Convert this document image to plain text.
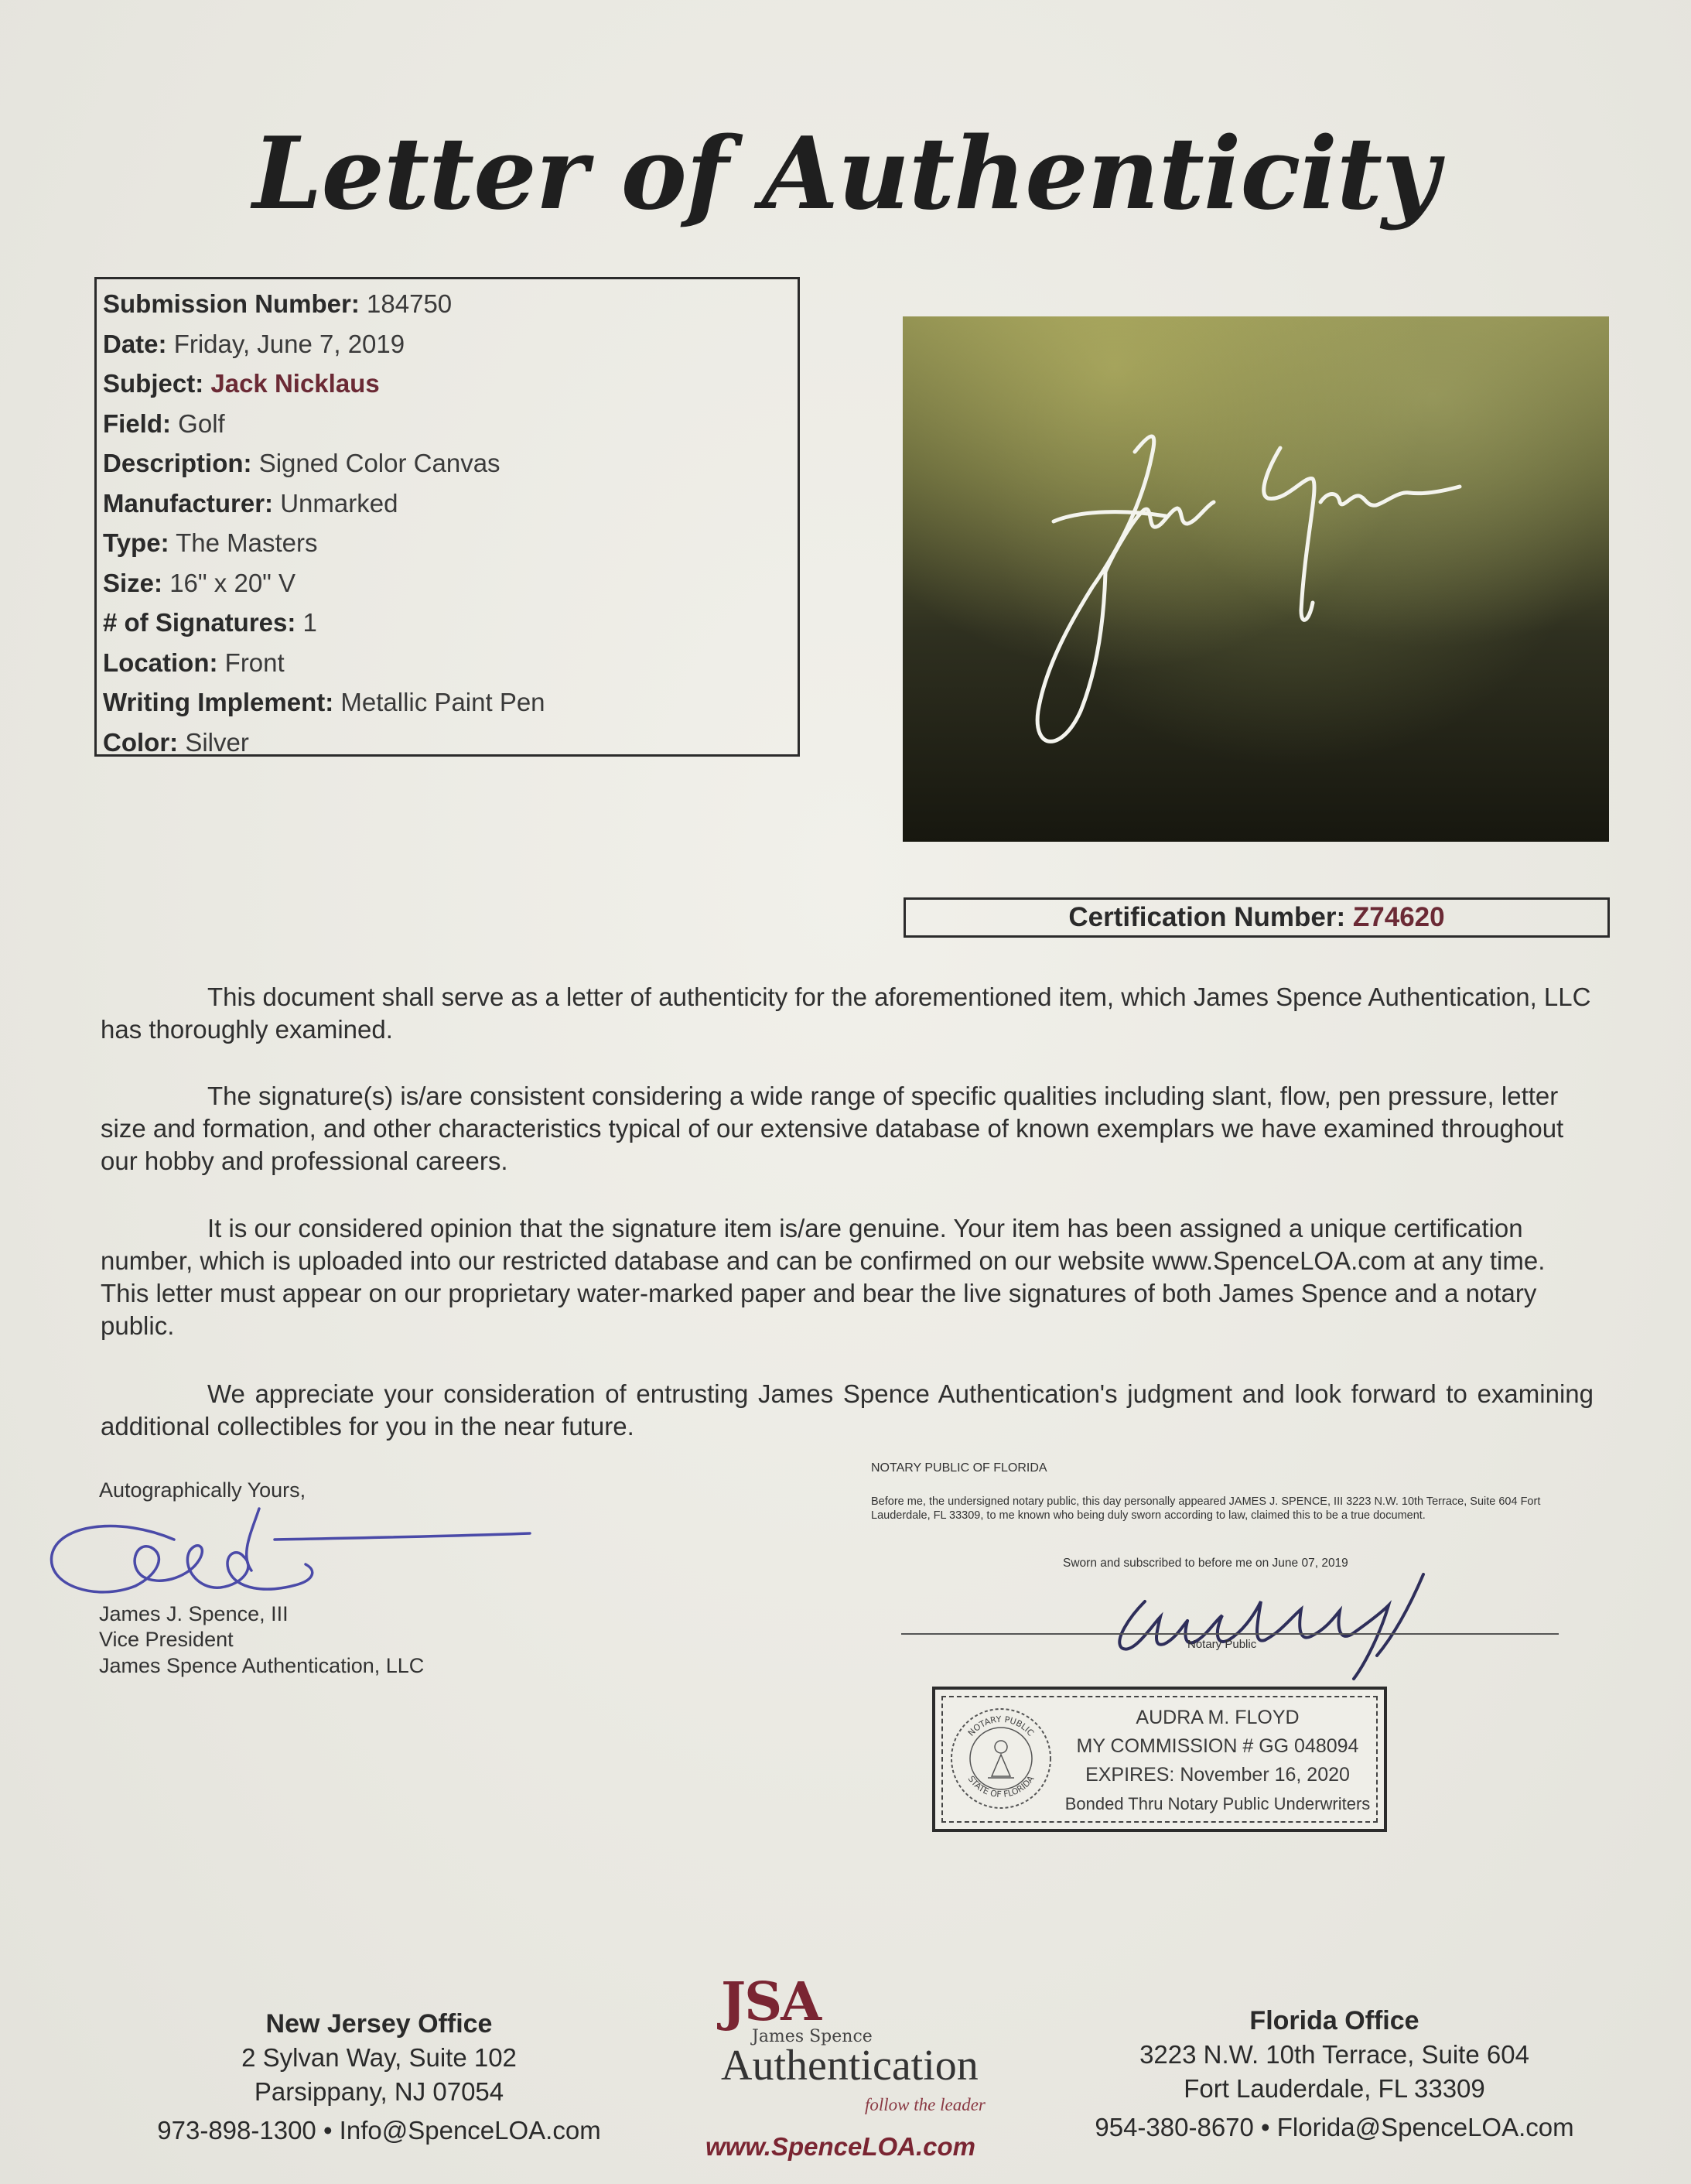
Letter of Authenticity
Submission Number: 184750
Date: Friday, June 7, 2019
Subject: Jack Nicklaus
Field: Golf
Description: Signed Color Canvas
Manufacturer: Unmarked
Type: The Masters
Size: 16" x 20" V
# of Signatures: 1
Location: Front
Writing Implement: Metallic Paint Pen
Color: Silver
Certification Number: Z74620
This document shall serve as a letter of authenticity for the aforementioned item, which James Spence Authentication, LLC has thoroughly examined.
The signature(s) is/are consistent considering a wide range of specific qualities including slant, flow, pen pressure, letter size and formation, and other characteristics typical of our extensive database of known exemplars we have examined throughout our hobby and professional careers.
It is our considered opinion that the signature item is/are genuine. Your item has been assigned a unique certification number, which is uploaded into our restricted database and can be confirmed on our website www.SpenceLOA.com at any time. This letter must appear on our proprietary water-marked paper and bear the live signatures of both James Spence and a notary public.
We appreciate your consideration of entrusting James Spence Authentication's judgment and look forward to examining additional collectibles for you in the near future.
Autographically Yours,
James J. Spence, III
Vice President
James Spence Authentication, LLC
NOTARY PUBLIC OF FLORIDA
Before me, the undersigned notary public, this day personally appeared JAMES J. SPENCE, III 3223 N.W. 10th Terrace, Suite 604 Fort Lauderdale, FL 33309, to me known who being duly sworn according to law, claimed this to be a true document.
Sworn and subscribed to before me on June 07, 2019
Notary Public
NOTARY PUBLIC
STATE OF FLORIDA
AUDRA M. FLOYD
MY COMMISSION # GG 048094
EXPIRES: November 16, 2020
Bonded Thru Notary Public Underwriters
New Jersey Office
2 Sylvan Way, Suite 102
Parsippany, NJ 07054
973-898-1300 • Info@SpenceLOA.com
JSA
James Spence
Authentication
follow the leader
www.SpenceLOA.com
Florida Office
3223 N.W. 10th Terrace, Suite 604
Fort Lauderdale, FL 33309
954-380-8670 • Florida@SpenceLOA.com
